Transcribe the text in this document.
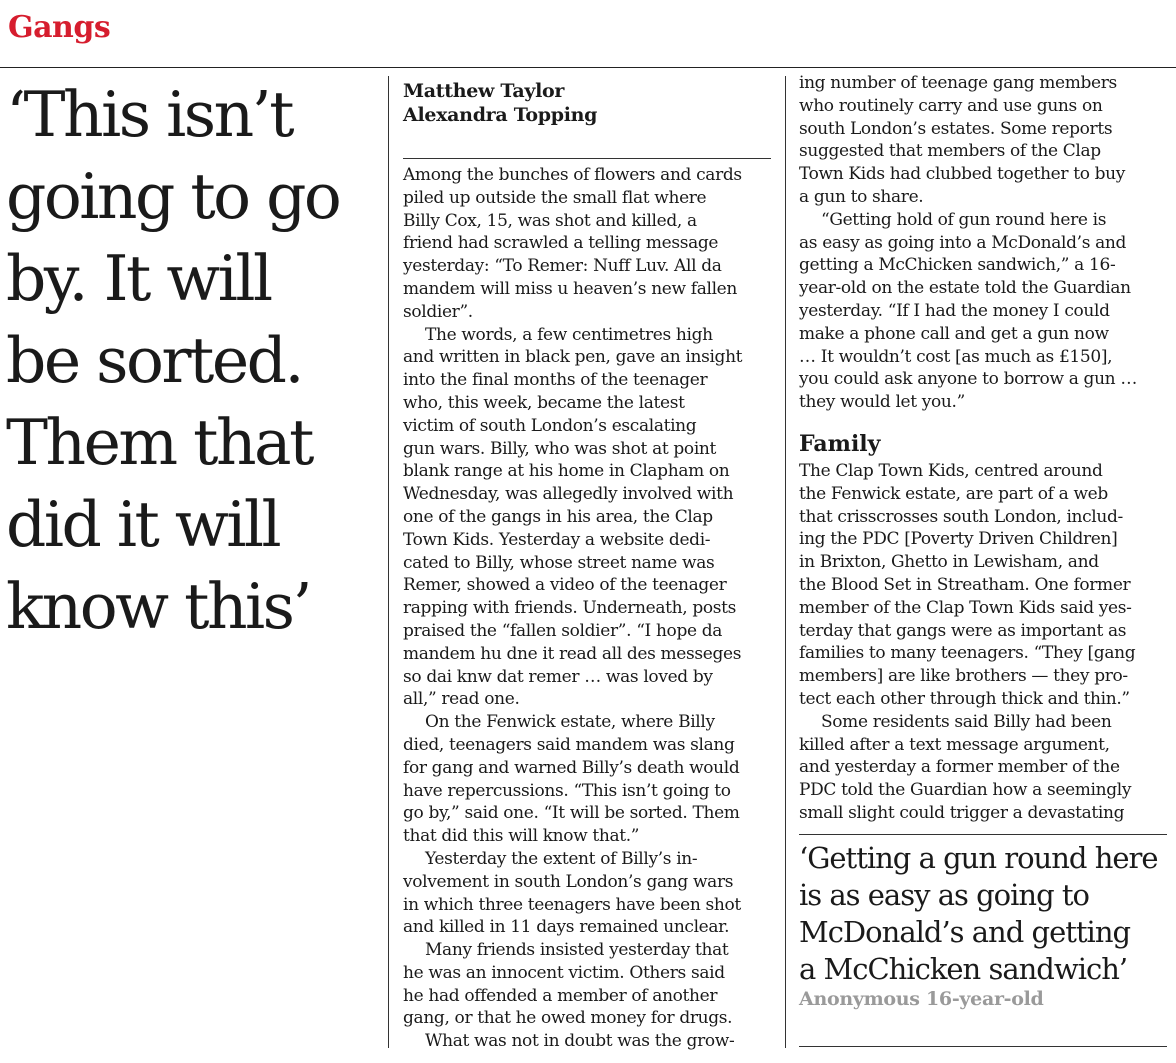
Gangs
‘This isn’t
going to go
by. It will
be sorted.
Them that
did it will
know this’
Matthew Taylor
Alexandra Topping
Among the bunches of flowers and cards
piled up outside the small flat where
Billy Cox, 15, was shot and killed, a
friend had scrawled a telling message
yesterday: “To Remer: Nuff Luv. All da
mandem will miss u heaven’s new fallen
soldier”.
The words, a few centimetres high
and written in black pen, gave an insight
into the final months of the teenager
who, this week, became the latest
victim of south London’s escalating
gun wars. Billy, who was shot at point
blank range at his home in Clapham on
Wednesday, was allegedly involved with
one of the gangs in his area, the Clap
Town Kids. Yesterday a website dedi-
cated to Billy, whose street name was
Remer, showed a video of the teenager
rapping with friends. Underneath, posts
praised the “fallen soldier”. “I hope da
mandem hu dne it read all des messeges
so dai knw dat remer … was loved by
all,” read one.
On the Fenwick estate, where Billy
died, teenagers said mandem was slang
for gang and warned Billy’s death would
have repercussions. “This isn’t going to
go by,” said one. “It will be sorted. Them
that did this will know that.”
Yesterday the extent of Billy’s in-
volvement in south London’s gang wars
in which three teenagers have been shot
and killed in 11 days remained unclear.
Many friends insisted yesterday that
he was an innocent victim. Others said
he had offended a member of another
gang, or that he owed money for drugs.
What was not in doubt was the grow-
ing number of teenage gang members
who routinely carry and use guns on
south London’s estates. Some reports
suggested that members of the Clap
Town Kids had clubbed together to buy
a gun to share.
“Getting hold of gun round here is
as easy as going into a McDonald’s and
getting a McChicken sandwich,” a 16-
year-old on the estate told the Guardian
yesterday. “If I had the money I could
make a phone call and get a gun now
… It wouldn’t cost [as much as £150],
you could ask anyone to borrow a gun …
they would let you.”
Family
The Clap Town Kids, centred around
the Fenwick estate, are part of a web
that crisscrosses south London, includ-
ing the PDC [Poverty Driven Children]
in Brixton, Ghetto in Lewisham, and
the Blood Set in Streatham. One former
member of the Clap Town Kids said yes-
terday that gangs were as important as
families to many teenagers. “They [gang
members] are like brothers — they pro-
tect each other through thick and thin.”
Some residents said Billy had been
killed after a text message argument,
and yesterday a former member of the
PDC told the Guardian how a seemingly
small slight could trigger a devastating
‘Getting a gun round here
is as easy as going to
McDonald’s and getting
a McChicken sandwich’
Anonymous 16-year-old
